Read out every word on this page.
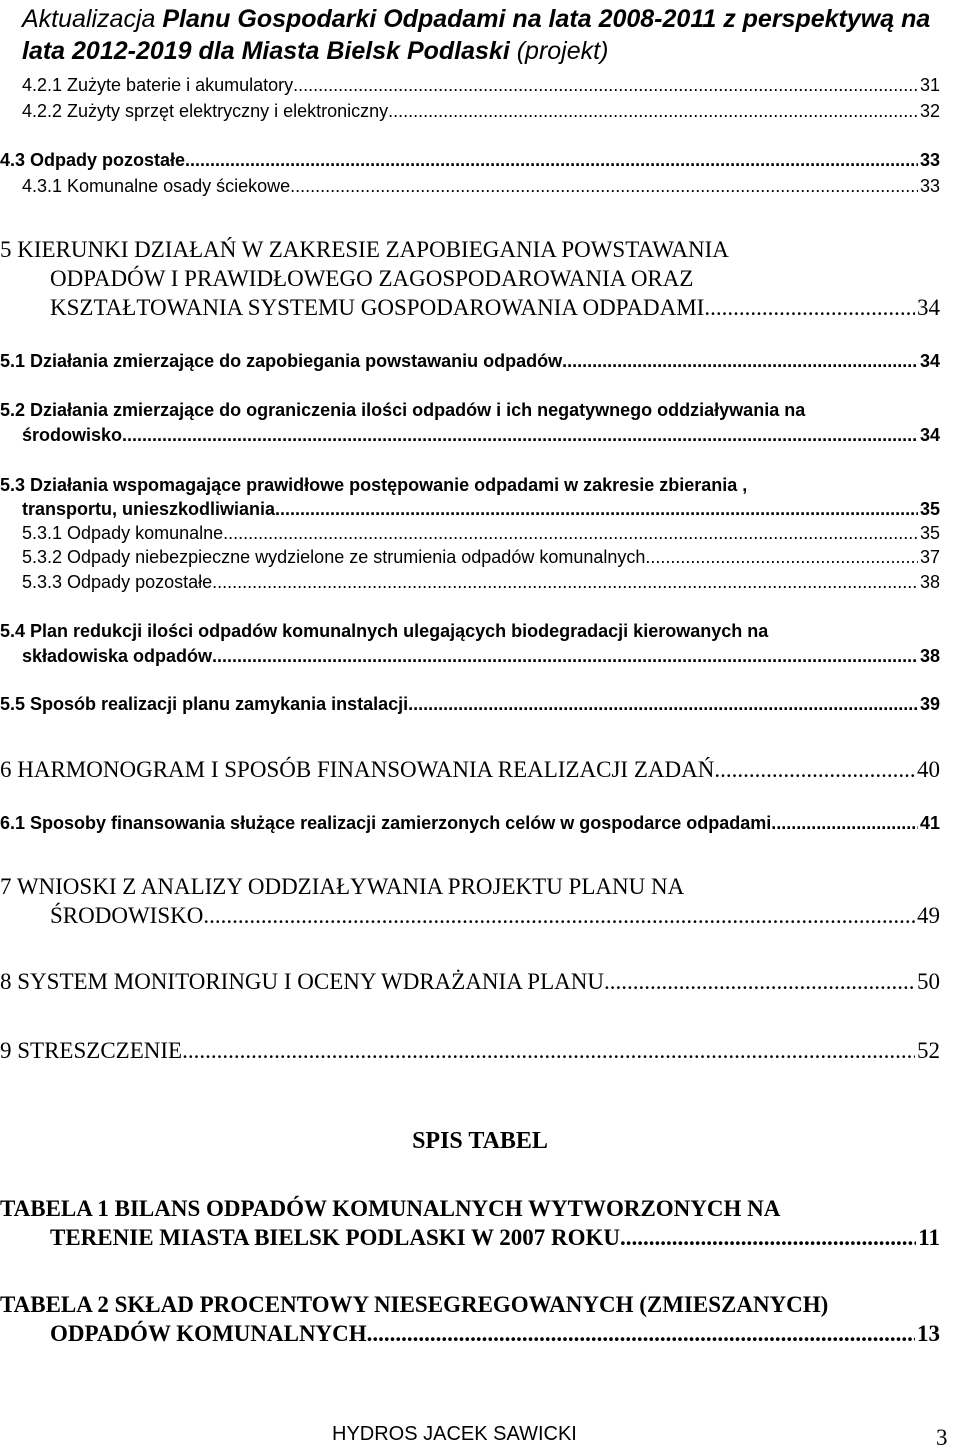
Aktualizacja Planu Gospodarki Odpadami na lata 2008-2011 z perspektywą na lata 2012-2019 dla Miasta Bielsk Podlaski (projekt)
4.2.1 Zużyte baterie i akumulatory .....	31
4.2.2 Zużyty sprzęt elektryczny i elektroniczny .....	32
4.3 Odpady pozostałe .....	33
4.3.1 Komunalne osady ściekowe .....	33
5 KIERUNKI DZIAŁAŃ W ZAKRESIE ZAPOBIEGANIA POWSTAWANIA
ODPADÓW I PRAWIDŁOWEGO ZAGOSPODAROWANIA ORAZ
KSZTAŁTOWANIA SYSTEMU GOSPODAROWANIA ODPADAMI .....	34
5.1 Działania zmierzające do zapobiegania powstawaniu odpadów .....	34
5.2 Działania zmierzające do ograniczenia ilości odpadów i ich negatywnego oddziaływania na
środowisko .....	34
5.3 Działania wspomagające prawidłowe postępowanie odpadami w zakresie zbierania ,
transportu, unieszkodliwiania .....	35
5.3.1 Odpady komunalne .....	35
5.3.2 Odpady niebezpieczne wydzielone ze strumienia odpadów komunalnych .....	37
5.3.3 Odpady pozostałe .....	38
5.4 Plan redukcji ilości odpadów komunalnych ulegających biodegradacji kierowanych na
składowiska odpadów .....	38
5.5 Sposób realizacji planu zamykania instalacji .....	39
6 HARMONOGRAM I SPOSÓB FINANSOWANIA REALIZACJI ZADAŃ .....	40
6.1 Sposoby finansowania służące realizacji zamierzonych celów w gospodarce odpadami .....	41
7 WNIOSKI Z ANALIZY ODDZIAŁYWANIA PROJEKTU PLANU NA
ŚRODOWISKO .....	49
8 SYSTEM MONITORINGU I OCENY WDRAŻANIA PLANU .....	50
9 STRESZCZENIE .....	52
SPIS TABEL
TABELA 1 BILANS ODPADÓW KOMUNALNYCH WYTWORZONYCH NA
TERENIE MIASTA BIELSK PODLASKI W 2007 ROKU. .....	11
TABELA 2 SKŁAD PROCENTOWY NIESEGREGOWANYCH (ZMIESZANYCH)
ODPADÓW KOMUNALNYCH .....	13
HYDROS JACEK SAWICKI	3
